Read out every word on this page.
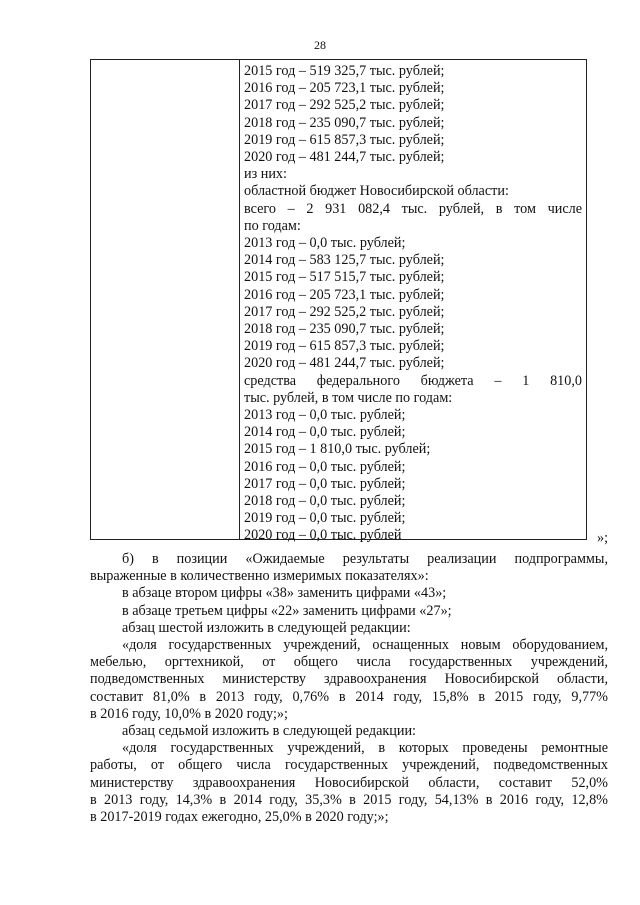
28
2015 год – 519 325,7 тыс. рублей;
2016 год – 205 723,1 тыс. рублей;
2017 год – 292 525,2 тыс. рублей;
2018 год – 235 090,7 тыс. рублей;
2019 год – 615 857,3 тыс. рублей;
2020 год – 481 244,7 тыс. рублей;
из них:
областной бюджет Новосибирской области:
всего – 2 931 082,4 тыс. рублей, в том числе
по годам:
2013 год – 0,0 тыс. рублей;
2014 год – 583 125,7 тыс. рублей;
2015 год – 517 515,7 тыс. рублей;
2016 год – 205 723,1 тыс. рублей;
2017 год – 292 525,2 тыс. рублей;
2018 год – 235 090,7 тыс. рублей;
2019 год – 615 857,3 тыс. рублей;
2020 год – 481 244,7 тыс. рублей;
средства федерального бюджета – 1 810,0
тыс. рублей, в том числе по годам:
2013 год – 0,0 тыс. рублей;
2014 год – 0,0 тыс. рублей;
2015 год – 1 810,0 тыс. рублей;
2016 год – 0,0 тыс. рублей;
2017 год – 0,0 тыс. рублей;
2018 год – 0,0 тыс. рублей;
2019 год – 0,0 тыс. рублей;
2020 год – 0,0 тыс. рублей	»;

б) в позиции «Ожидаемые результаты реализации подпрограммы,

выраженные в количественно измеримых показателях»:

в абзаце втором цифры «38» заменить цифрами «43»;

в абзаце третьем цифры «22» заменить цифрами «27»;

абзац шестой изложить в следующей редакции:

«доля государственных учреждений, оснащенных новым оборудованием,

мебелью, оргтехникой, от общего числа государственных учреждений,

подведомственных министерству здравоохранения Новосибирской области,

составит 81,0% в 2013 году, 0,76% в 2014 году, 15,8% в 2015 году, 9,77%

в 2016 году, 10,0% в 2020 году;»;

абзац седьмой изложить в следующей редакции:

«доля государственных учреждений, в которых проведены ремонтные

работы, от общего числа государственных учреждений, подведомственных

министерству здравоохранения Новосибирской области, составит 52,0%

в 2013 году, 14,3% в 2014 году, 35,3% в 2015 году, 54,13% в 2016 году, 12,8%

в 2017-2019 годах ежегодно, 25,0% в 2020 году;»;
